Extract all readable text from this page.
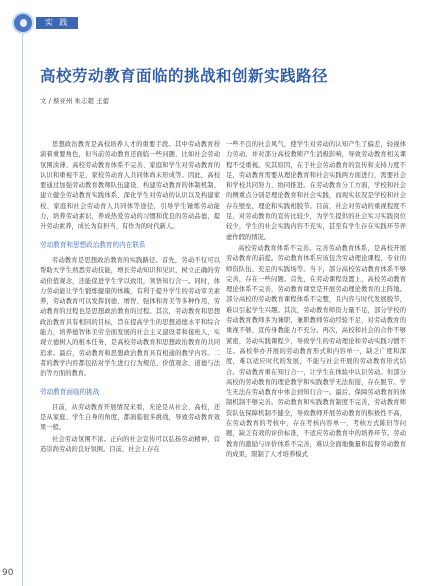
实 践
高校劳动教育面临的挑战和创新实践路径
文 / 蔡亚州 朱志超 王蕾

思想政治教育是高校培养人才的重要手段。其中劳动教育扮演着重要角色，但当前劳动教育还面临一些问题，比如社会劳动氛围淡薄、高校劳动教育体系不完善、家庭和学生对劳动教育的认识和重视不足、家校劳动育人共同体尚未形成等。因此，高校要通过加强劳动教育教师队伍建设、构建劳动教育的体制机制、建立健全劳动教育实践体系、深化学生对劳动的认识以及构建家校、家庭和社会劳动育人共同体等途径，引导学生锤炼劳动能力，培养劳动素识，养成热爱劳动的习惯和优良的劳动品德，提升劳动素养，成长为有担当、有作为的时代新人。

劳动教育和思想政治教育的内在联系

劳动教育是思想政治教育的实践路径。首先，劳动不仅可以帮助大学生熟悉劳动技能，增长劳动知识和见识，树立正确的劳动价值观念，还能促进学生学以致用，领悟知行合一。同时，体力劳动能让学生锻炼健康的体魄，有利于提升学生的劳动审美素养，劳动教育可以发挥润德、增智、强体和育美等多种作用，劳动教育的过程也是思想政治教育的过程。其次，劳动教育和思想政治教育具有相同的目标，旨在提高学生的思想道德水平和综合能力，培养德智体美劳全面发展的社会主义建设者和接班人，实现立德树人的根本任务，是高校劳动教育和思想政治教育的共同追求。最后，劳动教育和思想政治教育具有相通的教学内容。二者的教学内容都包括对学生进行行为规范、价值观念、道德与法治等方面的教育。

劳动教育面临的挑战

目前，从劳动教育开展情况来看，无论是从社会、高校，还是从家庭、学生自身的角度，都面临很多挑战，导致劳动教育效果一般。

社会劳动氛围不浓。正向的社会宣传可以弘扬劳动精神，营造崇尚劳动的良好氛围。目前，社会上存在

一些不良的社会风气，使学生对劳动的认知产生了偏差，轻视体力劳动，并对部分高校教师产生消极影响，导致劳动教育相关课程不受重视。究其原因，在于社会劳动教育的宣传和支持力度不足，劳动教育需要从理论教育和社会实践两方面进行，需要社会和学校共同努力、协同推进。在劳动教育分工方面，学校和社会的侧重点分别是理论教育和社会实践，而现实状况是学校和社会存在壁垒，理论和实践相脱节。目前，社会对劳动的重视程度不足，对劳动教育的宣传比较少，为学生提供的社会实习实践岗位较少，学生的社会实践内容不充实，甚至有学生存在实践环节弄虚作假的情况。

高校劳动教育体系不完善。完善劳动教育体系，是高校开展劳动教育的前提。劳动教育体系应该包含劳动理论课程、专业的师资队伍、充足的实践场等。当下，部分高校劳动教育体系不够完善，存在一些问题。首先，在劳动课程设置上，高校劳动教育理论体系不完善，劳动教育课堂是开展劳动理论教育的主阵地。部分高校的劳动教育课程体系不完整，且内容与时代发展脱节，难以引起学生兴趣。其次，劳动教育师资力量不足，部分学校的劳动教育教师多为兼职，兼职教师劳动经验不足，对劳动教育的重视不够，宣传身教能力不充分。再次，高校和社会的合作不够紧密，劳动实践课程少，导致学生的劳动理论和劳动实践习惯不足。高校举办开展的劳动教育形式和内容单一，缺乏广度和深度，难以适应时代的发展，不能与社会开展的劳动教育形式结合。劳动教育重在知行合一，让学生在体验中认识劳动。但部分高校的劳动教育的理论教学和实践教学无法衔接，存在脱节。学生无法在劳动教育中体会到知行合一。最后，保障劳动教育的体制机制不够完善。劳动教育和实践教育制度不完善，劳动教育师资队伍保障机制不健全，导致教师开展劳动教育的积极性不高，在劳动教育的考核中，存在考核内容单一、考核方式陈旧等问题，缺乏有效的评价标准，不适应劳动教育中的培养环节。劳动教育的激励与评价体系不完善，难以全面地衡量和监督劳动教育的成果，限制了人才培养模式

90
